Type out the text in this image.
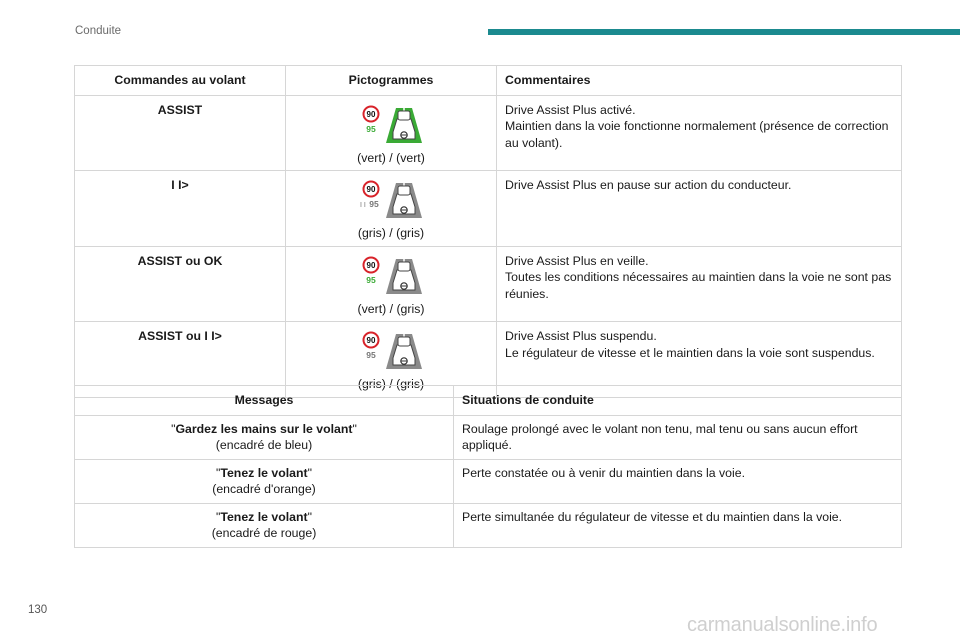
Conduite
Commandes au volant	Pictogrammes	Commentaires
ASSIST	90
95
(vert) / (vert)	Drive Assist Plus activé.
Maintien dans la voie fonctionne normalement (présence de correction au volant).

I I>	90
I I 95
(gris) / (gris)	Drive Assist Plus en pause sur action du conducteur.

ASSIST ou OK	90
95
(vert) / (gris)	Drive Assist Plus en veille.
Toutes les conditions nécessaires au maintien dans la voie ne sont pas réunies.

ASSIST ou I I>	90
95
(gris) / (gris)	Drive Assist Plus suspendu.
Le régulateur de vitesse et le maintien dans la voie sont suspendus.
Messages	Situations de conduite

"Gardez les mains sur le volant"
(encadré de bleu)	Roulage prolongé avec le volant non tenu, mal tenu ou sans aucun effort appliqué.

"Tenez le volant"
(encadré d'orange)	Perte constatée ou à venir du maintien dans la voie.

"Tenez le volant"
(encadré de rouge)	Perte simultanée du régulateur de vitesse et du maintien dans la voie.
130
carmanualsonline.info
